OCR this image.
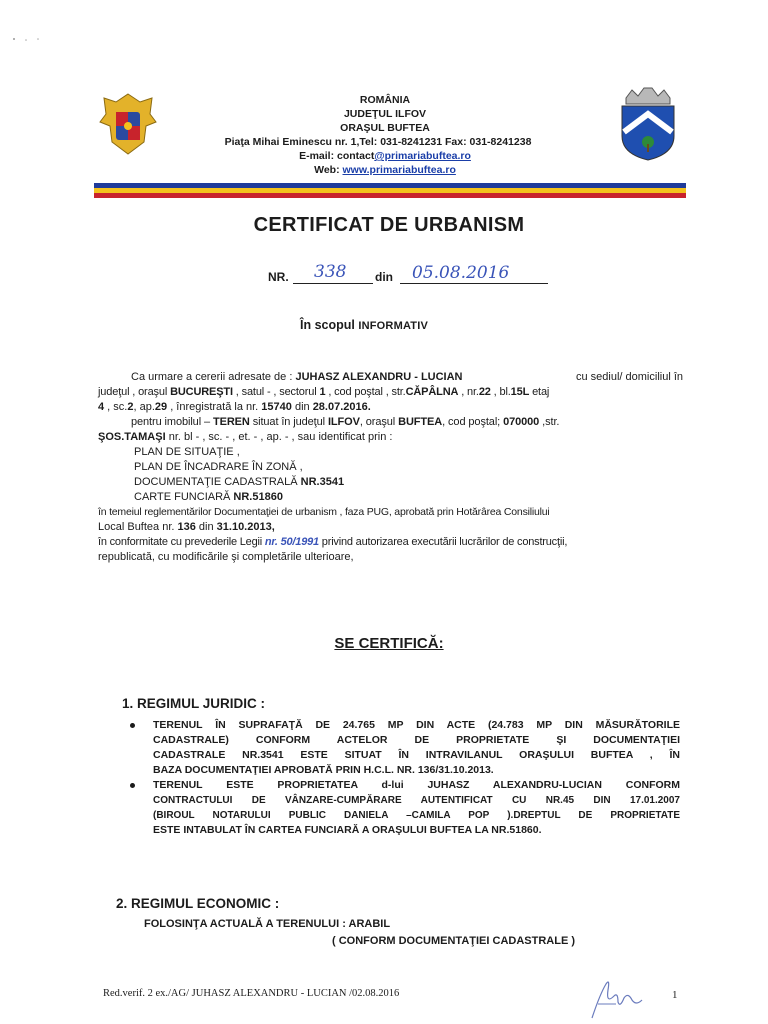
ROMÂNIA
JUDEŢUL ILFOV
ORAŞUL BUFTEA
Piaţa Mihai Eminescu nr. 1,Tel: 031-8241231 Fax: 031-8241238
E-mail: contact@primariabuftea.ro
Web: www.primariabuftea.ro
CERTIFICAT DE URBANISM
NR. 338 din 05.08.2016
În scopul INFORMATIV
Ca urmare a cererii adresate de : JUHASZ ALEXANDRU - LUCIAN	cu sediul/ domiciliul în
judeţul , oraşul BUCUREŞTI , satul - , sectorul 1 , cod poştal , str.CĂPÂLNA , nr.22 , bl.15L etaj
4 , sc.2, ap.29 , înregistrată la nr. 15740 din 28.07.2016.
pentru imobilul – TEREN situat în judeţul ILFOV, oraşul BUFTEA, cod poştal; 070000 ,str.
ŞOS.TAMAŞI nr. bl - , sc. - , et. - , ap. - , sau identificat prin :
PLAN DE SITUAŢIE ,
PLAN DE ÎNCADRARE ÎN ZONĂ ,
DOCUMENTAŢIE CADASTRALĂ NR.3541
CARTE FUNCIARĂ NR.51860
în temeiul reglementărilor Documentaţiei de urbanism , faza PUG, aprobată prin Hotărârea Consiliului
Local Buftea nr. 136 din 31.10.2013,
în conformitate cu prevederile Legii nr. 50/1991 privind autorizarea executării lucrărilor de construcţii,
republicată, cu modificările şi completările ulterioare,
SE CERTIFICĂ:
1. REGIMUL JURIDIC :
TERENUL ÎN SUPRAFAŢĂ DE 24.765 MP DIN ACTE (24.783 MP DIN MĂSURĂTORILE
CADASTRALE) CONFORM ACTELOR DE PROPRIETATE ŞI DOCUMENTAŢIEI
CADASTRALE NR.3541 ESTE SITUAT ÎN INTRAVILANUL ORAŞULUI BUFTEA , ÎN
BAZA DOCUMENTAŢIEI APROBATĂ PRIN H.C.L. NR. 136/31.10.2013.
TERENUL ESTE PROPRIETATEA d-lui JUHASZ ALEXANDRU-LUCIAN CONFORM
CONTRACTULUI DE VÂNZARE-CUMPĂRARE AUTENTIFICAT CU NR.45 DIN 17.01.2007
(BIROUL NOTARULUI PUBLIC DANIELA –CAMILA POP ).DREPTUL DE PROPRIETATE
ESTE INTABULAT ÎN CARTEA FUNCIARĂ A ORAŞULUI BUFTEA LA NR.51860.
2. REGIMUL ECONOMIC :
FOLOSINŢA ACTUALĂ A TERENULUI : ARABIL
( CONFORM DOCUMENTAŢIEI CADASTRALE )
Red.verif. 2 ex./AG/ JUHASZ ALEXANDRU - LUCIAN /02.08.2016	1
